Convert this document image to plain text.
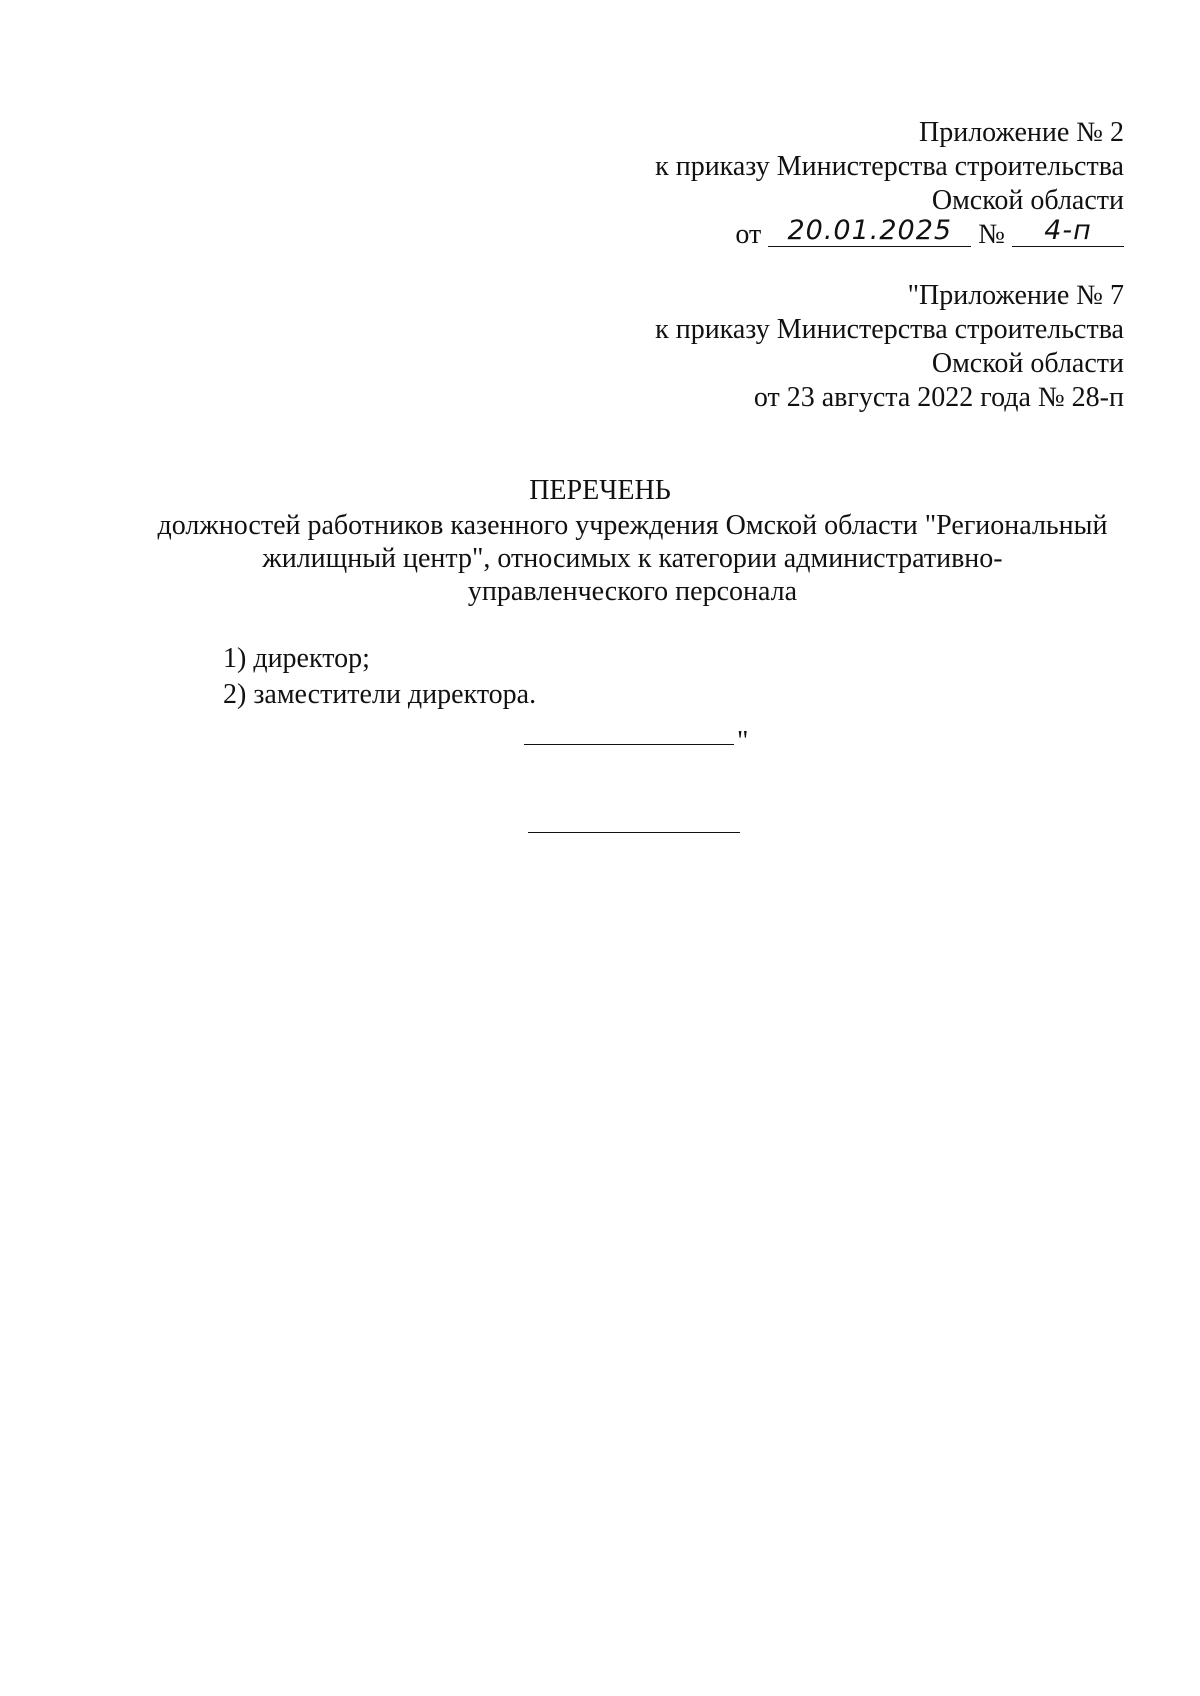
Приложение № 2
к приказу Министерства строительства
Омской области
от 20.01.2025 № 4-п
"Приложение № 7
к приказу Министерства строительства
Омской области
от 23 августа 2022 года № 28-п
ПЕРЕЧЕНЬ
должностей работников казенного учреждения Омской области "Региональный
жилищный центр", относимых к категории административно-
управленческого персонала
1) директор;
2) заместители директора.
"
